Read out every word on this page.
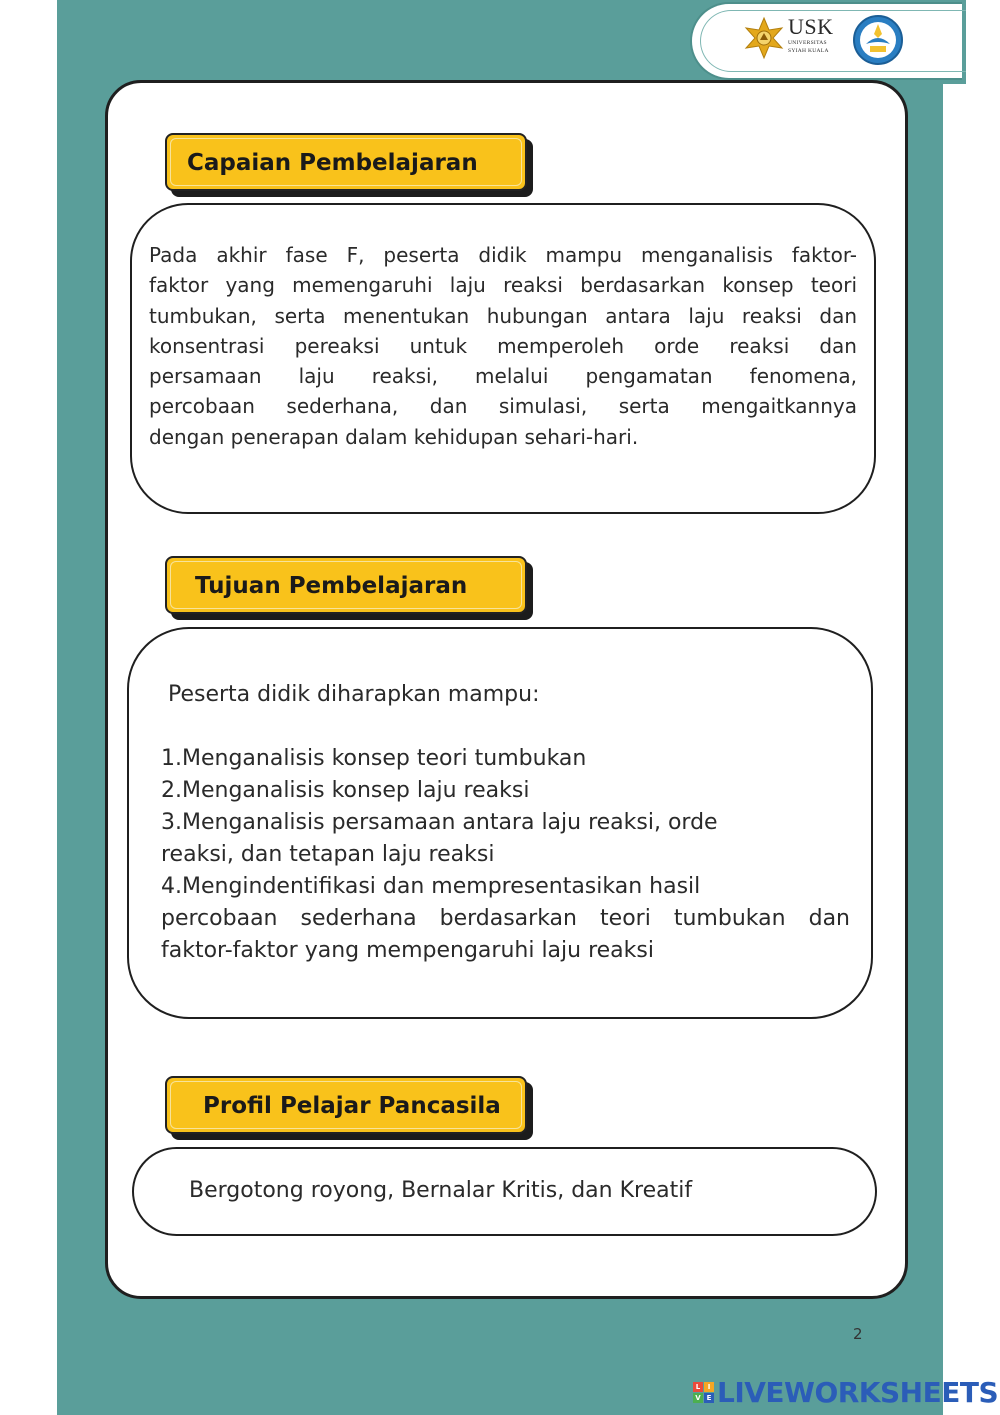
USK
UNIVERSITAS
SYIAH KUALA
Capaian Pembelajaran
Pada akhir fase F, peserta didik mampu menganalisis faktor-
faktor yang memengaruhi laju reaksi berdasarkan konsep teori
tumbukan, serta menentukan hubungan antara laju reaksi dan
konsentrasi pereaksi untuk memperoleh orde reaksi dan
persamaan laju reaksi, melalui pengamatan fenomena,
percobaan sederhana, dan simulasi, serta mengaitkannya
dengan penerapan dalam kehidupan sehari-hari.
Tujuan Pembelajaran
Peserta didik diharapkan mampu:
1.Menganalisis konsep teori tumbukan
2.Menganalisis konsep laju reaksi
3.Menganalisis persamaan antara laju reaksi, orde
reaksi, dan tetapan laju reaksi
4.Mengindentifikasi dan mempresentasikan hasil
percobaan sederhana berdasarkan teori tumbukan dan
faktor-faktor yang mempengaruhi laju reaksi
Profil Pelajar Pancasila
Bergotong royong, Bernalar Kritis, dan Kreatif
2
L	I
V E LIVEWORKSHEETS
